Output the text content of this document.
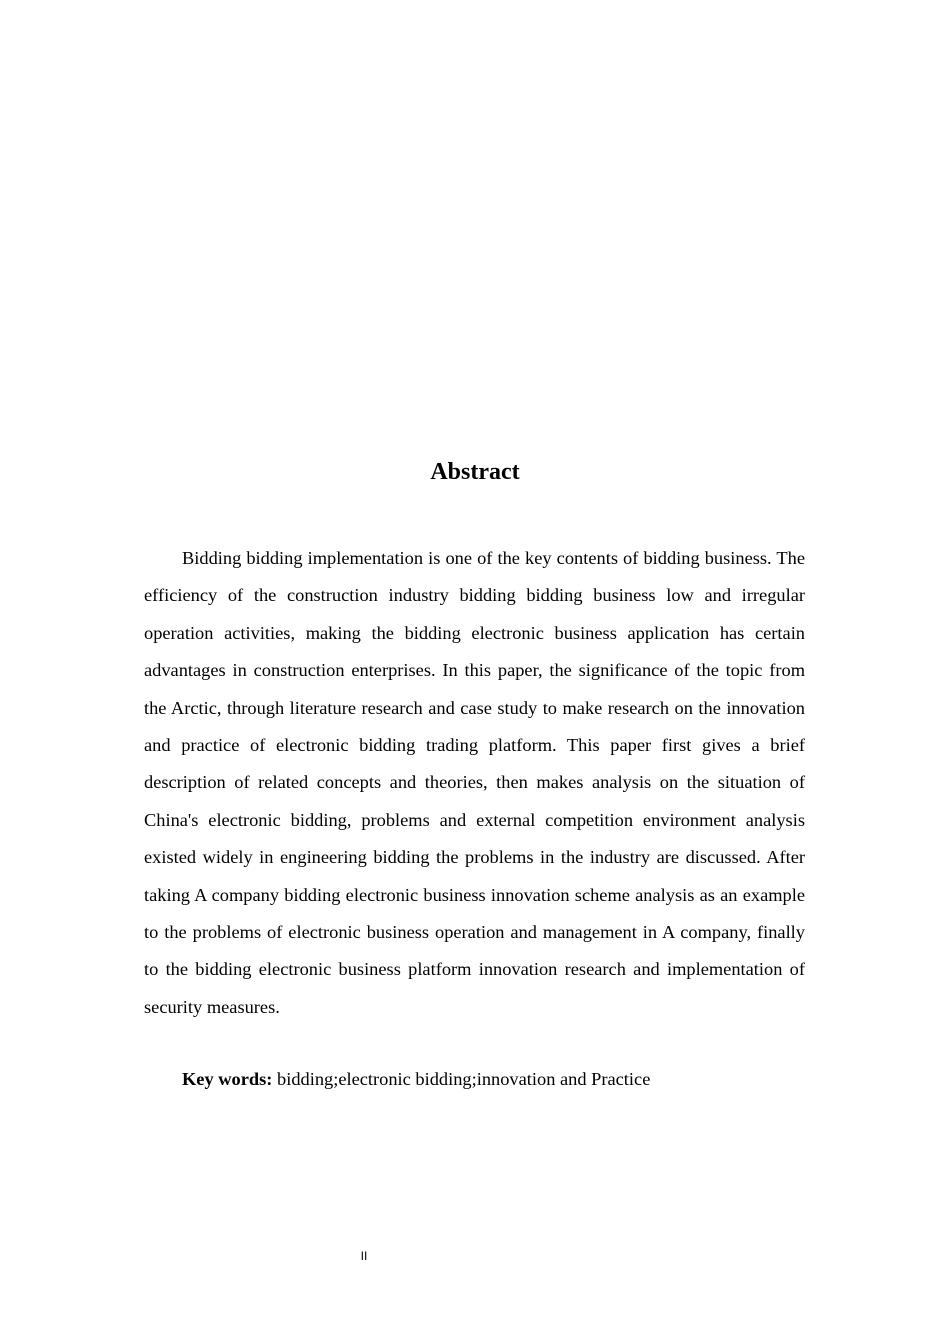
Abstract

Bidding bidding implementation is one of the key contents of bidding business. The efficiency of the construction industry bidding bidding business low and irregular operation activities, making the bidding electronic business application has certain advantages in construction enterprises. In this paper, the significance of the topic from the Arctic, through literature research and case study to make research on the innovation and practice of electronic bidding trading platform. This paper first gives a brief description of related concepts and theories, then makes analysis on the situation of China's electronic bidding, problems and external competition environment analysis existed widely in engineering bidding the problems in the industry are discussed. After taking A company bidding electronic business innovation scheme analysis as an example to the problems of electronic business operation and management in A company, finally to the bidding electronic business platform innovation research and implementation of security measures.

Key words: bidding;electronic bidding;innovation and Practice

II
